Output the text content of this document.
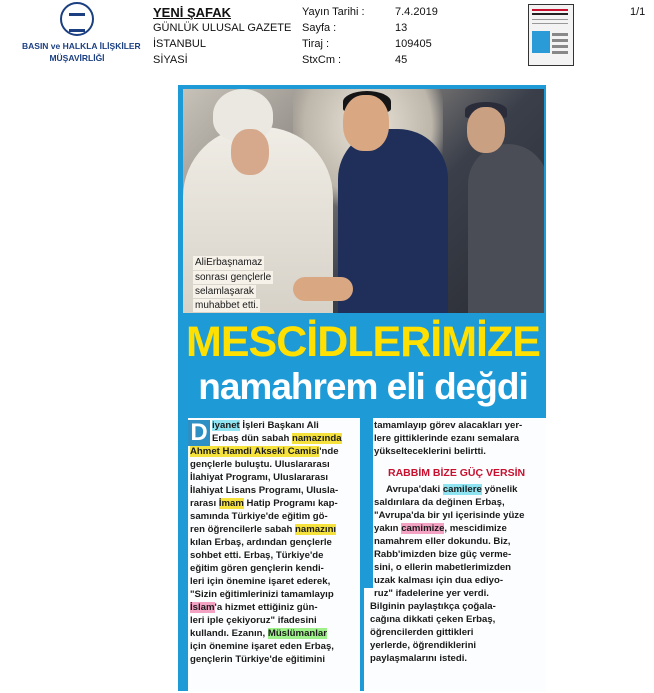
BASIN ve HALKLA İLİŞKİLER
MÜŞAVİRLİĞİ
YENİ ŞAFAK
GÜNLÜK ULUSAL GAZETE
İSTANBUL
SİYASİ
Yayın Tarihi :
Sayfa :
Tiraj :
StxCm :
7.4.2019
13
109405
45
1/1
AliErbaşnamaz
sonrası gençlerle
selamlaşarak
muhabbet etti.
MESCİDLERİMİZE
namahrem eli değdi
D iyanet İşleri Başkanı Ali
Erbaş dün sabah namazında
Ahmet Hamdi Akseki Camisi'nde
gençlerle buluştu. Uluslararası
İlahiyat Programı, Uluslararası
İlahiyat Lisans Programı, Ulusla-
rarası İmam Hatip Programı kap-
samında Türkiye'de eğitim gö-
ren öğrencilerle sabah namazını
kılan Erbaş, ardından gençlerle
sohbet etti. Erbaş, Türkiye'de
eğitim gören gençlerin kendi-
leri için önemine işaret ederek,
"Sizin eğitimlerinizi tamamlayıp
İslam'a hizmet ettiğiniz gün-
leri iple çekiyoruz" ifadesini
kullandı. Ezanın, Müslümanlar
için önemine işaret eden Erbaş,
gençlerin Türkiye'de eğitimini
tamamlayıp görev alacakları yer-
lere gittiklerinde ezanı semalara
yükselteceklerini belirtti.
RABBİM BİZE GÜÇ VERSİN
Avrupa'daki camilere yönelik
saldırılara da değinen Erbaş,
"Avrupa'da bir yıl içerisinde yüze
yakın camimize, mescidimize
namahrem eller dokundu. Biz,
Rabb'imizden bize güç verme-
sini, o ellerin mabetlerimizden
uzak kalması için dua ediyo-
ruz" ifadelerine yer verdi.
Bilginin paylaştıkça çoğala-
cağına dikkati çeken Erbaş,
öğrencilerden gittikleri
yerlerde, öğrendiklerini
paylaşmalarını istedi.
